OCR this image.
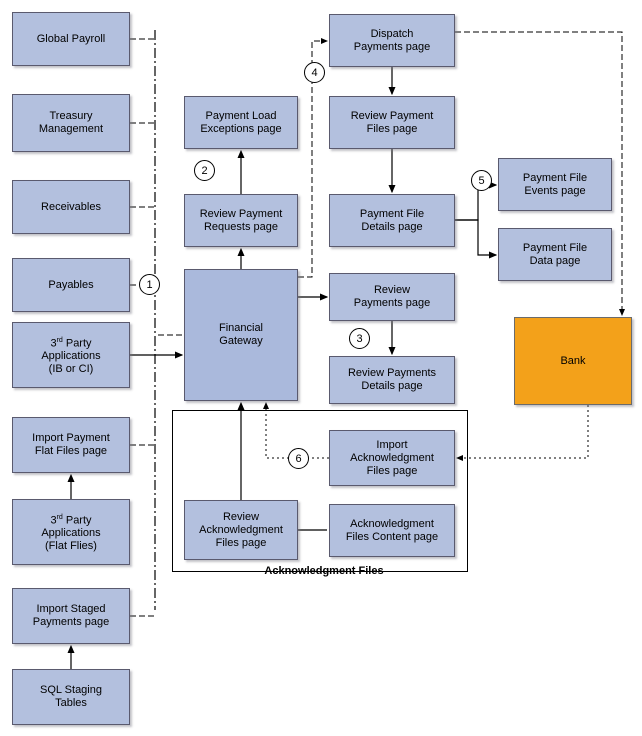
Global Payroll
Treasury
Management
Receivables
Payables
3rd Party
Applications
(IB or CI)
Import Payment
Flat Files page
3rd Party
Applications
(Flat Flies)
Import Staged
Payments page
SQL Staging
Tables
Payment Load
Exceptions page
Review Payment
Requests page
Financial
Gateway
Review
Acknowledgment
Files page
Dispatch
Payments page
Review Payment
Files page
Payment File
Details page
Review
Payments page
Review Payments
Details page
Import
Acknowledgment
Files page
Acknowledgment
Files Content page
Payment File
Events page
Payment File
Data page
Bank
Acknowledgment Files
1
2
3
4
5
6
